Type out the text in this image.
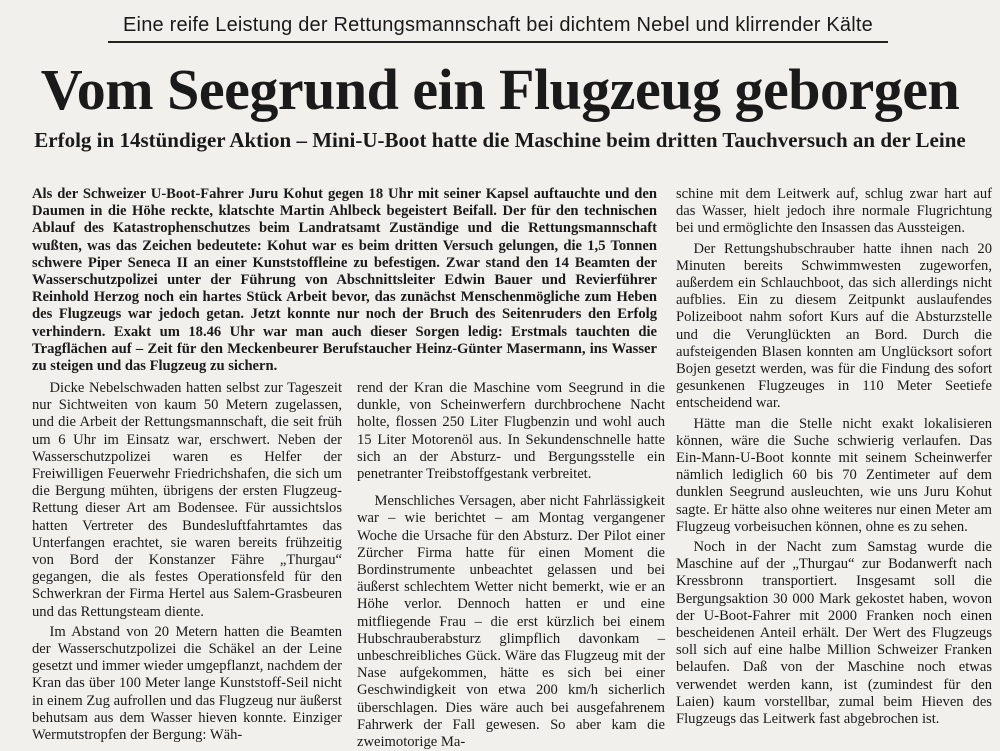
Eine reife Leistung der Rettungsmannschaft bei dichtem Nebel und klirrender Kälte
Vom Seegrund ein Flugzeug geborgen
Erfolg in 14stündiger Aktion – Mini-U-Boot hatte die Maschine beim dritten Tauchversuch an der Leine

Als der Schweizer U-Boot-Fahrer Juru Kohut gegen 18 Uhr mit seiner Kapsel auftauchte und den Daumen in die Höhe reckte, klatschte Martin Ahlbeck begeistert Beifall. Der für den technischen Ablauf des Katastrophenschutzes beim Landratsamt Zuständige und die Rettungsmannschaft wußten, was das Zeichen bedeutete: Kohut war es beim dritten Versuch gelungen, die 1,5 Tonnen schwere Piper Seneca II an einer Kunststoffleine zu befestigen. Zwar stand den 14 Beamten der Wasserschutzpolizei unter der Führung von Abschnittsleiter Edwin Bauer und Revierführer Reinhold Herzog noch ein hartes Stück Arbeit bevor, das zunächst Menschenmögliche zum Heben des Flugzeugs war jedoch getan. Jetzt konnte nur noch der Bruch des Seitenruders den Erfolg verhindern. Exakt um 18.46 Uhr war man auch dieser Sorgen ledig: Erstmals tauchten die Tragflächen auf – Zeit für den Meckenbeurer Berufstaucher Heinz-Günter Masermann, ins Wasser zu steigen und das Flugzeug zu sichern.

Dicke Nebelschwaden hatten selbst zur Tageszeit nur Sichtweiten von kaum 50 Metern zugelassen, und die Arbeit der Rettungsmannschaft, die seit früh um 6 Uhr im Einsatz war, erschwert. Neben der Wasserschutzpolizei waren es Helfer der Freiwilligen Feuerwehr Friedrichshafen, die sich um die Bergung mühten, übrigens der ersten Flugzeug-Rettung dieser Art am Bodensee. Für aussichtslos hatten Vertreter des Bundesluftfahrtamtes das Unterfangen erachtet, sie waren bereits frühzeitig von Bord der Konstanzer Fähre „Thurgau“ gegangen, die als festes Operationsfeld für den Schwerkran der Firma Hertel aus Salem-Grasbeuren und das Rettungsteam diente.

Im Abstand von 20 Metern hatten die Beamten der Wasserschutzpolizei die Schäkel an der Leine gesetzt und immer wieder umgepflanzt, nachdem der Kran das über 100 Meter lange Kunststoff-Seil nicht in einem Zug aufrollen und das Flugzeug nur äußerst behutsam aus dem Wasser hieven konnte. Einziger Wermutstropfen der Bergung: Wäh-

rend der Kran die Maschine vom Seegrund in die dunkle, von Scheinwerfern durchbrochene Nacht holte, flossen 250 Liter Flugbenzin und wohl auch 15 Liter Motorenöl aus. In Sekundenschnelle hatte sich an der Absturz- und Bergungsstelle ein penetranter Treibstoffgestank verbreitet.

Menschliches Versagen, aber nicht Fahrlässigkeit war – wie berichtet – am Montag vergangener Woche die Ursache für den Absturz. Der Pilot einer Zürcher Firma hatte für einen Moment die Bordinstrumente unbeachtet gelassen und bei äußerst schlechtem Wetter nicht bemerkt, wie er an Höhe verlor. Dennoch hatten er und eine mitfliegende Frau – die erst kürzlich bei einem Hubschrauberabsturz glimpflich davonkam – unbeschreibliches Gück. Wäre das Flugzeug mit der Nase aufgekommen, hätte es sich bei einer Geschwindigkeit von etwa 200 km/h sicherlich überschlagen. Dies wäre auch bei ausgefahrenem Fahrwerk der Fall gewesen. So aber kam die zweimotorige Ma-

schine mit dem Leitwerk auf, schlug zwar hart auf das Wasser, hielt jedoch ihre normale Flugrichtung bei und ermöglichte den Insassen das Aussteigen.

Der Rettungshubschrauber hatte ihnen nach 20 Minuten bereits Schwimmwesten zugeworfen, außerdem ein Schlauchboot, das sich allerdings nicht aufblies. Ein zu diesem Zeitpunkt auslaufendes Polizeiboot nahm sofort Kurs auf die Absturzstelle und die Verunglückten an Bord. Durch die aufsteigenden Blasen konnten am Unglücksort sofort Bojen gesetzt werden, was für die Findung des sofort gesunkenen Flugzeuges in 110 Meter Seetiefe entscheidend war.

Hätte man die Stelle nicht exakt lokalisieren können, wäre die Suche schwierig verlaufen. Das Ein-Mann-U-Boot konnte mit seinem Scheinwerfer nämlich lediglich 60 bis 70 Zentimeter auf dem dunklen Seegrund ausleuchten, wie uns Juru Kohut sagte. Er hätte also ohne weiteres nur einen Meter am Flugzeug vorbeisuchen können, ohne es zu sehen.

Noch in der Nacht zum Samstag wurde die Maschine auf der „Thurgau“ zur Bodanwerft nach Kressbronn transportiert. Insgesamt soll die Bergungsaktion 30 000 Mark gekostet haben, wovon der U-Boot-Fahrer mit 2000 Franken noch einen bescheidenen Anteil erhält. Der Wert des Flugzeugs soll sich auf eine halbe Million Schweizer Franken belaufen. Daß von der Maschine noch etwas verwendet werden kann, ist (zumindest für den Laien) kaum vorstellbar, zumal beim Hieven des Flugzeugs das Leitwerk fast abgebrochen ist.
